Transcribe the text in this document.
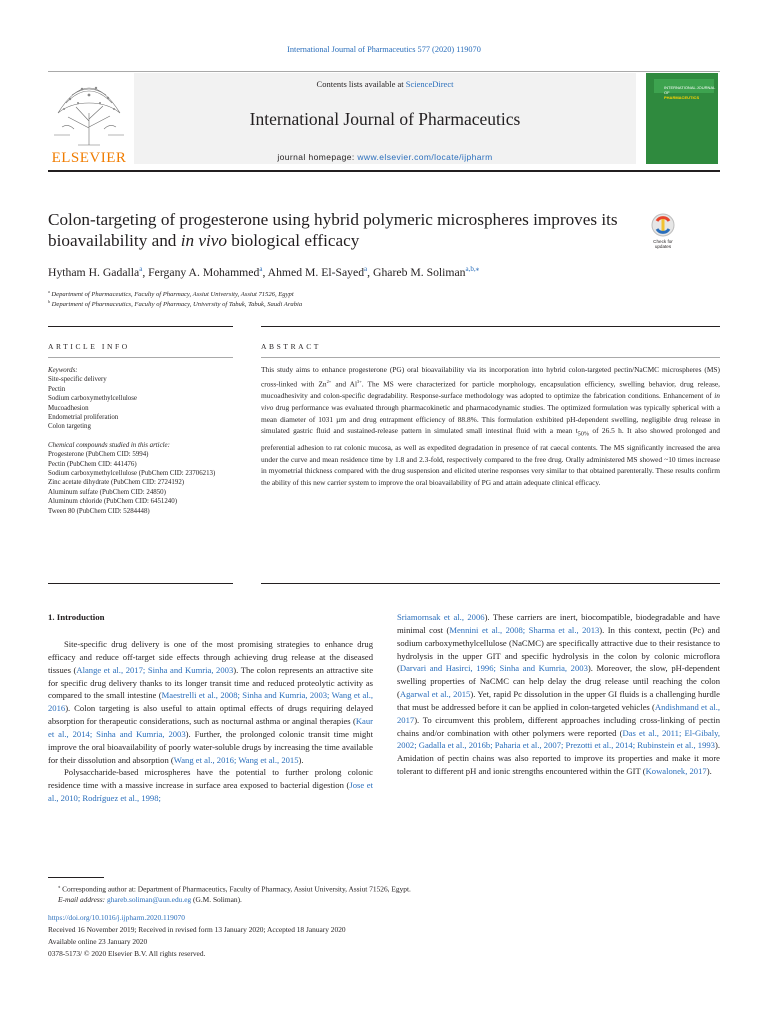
International Journal of Pharmaceutics 577 (2020) 119070
ELSEVIER
Contents lists available at ScienceDirect
International Journal of Pharmaceutics
journal homepage: www.elsevier.com/locate/ijpharm
INTERNATIONAL JOURNAL OF
PHARMACEUTICS
Colon-targeting of progesterone using hybrid polymeric microspheres improves its bioavailability and in vivo biological efficacy	Check for
updates
Hytham H. Gadalla$^a$, Fergany A. Mohammed$^a$, Ahmed M. El-Sayed$^a$, Ghareb M. Soliman$^{a,b,⁎}$
$^a$ Department of Pharmaceutics, Faculty of Pharmacy, Assiut University, Assiut 71526, Egypt
$^b$ Department of Pharmaceutics, Faculty of Pharmacy, University of Tabuk, Tabuk, Saudi Arabia
ARTICLE INFO	ABSTRACT
Keywords:
Site-specific delivery
Pectin
Sodium carboxymethylcellulose
Mucoadhesion
Endometrial proliferation
Colon targeting
Chemical compounds studied in this article:
Progesterone (PubChem CID: 5994)
Pectin (PubChem CID: 441476)
Sodium carboxymethylcellulose (PubChem CID: 23706213)
Zinc acetate dihydrate (PubChem CID: 2724192)
Aluminum sulfate (PubChem CID: 24850)
Aluminum chloride (PubChem CID: 6451240)
Tween 80 (PubChem CID: 5284448)
This study aims to enhance progesterone (PG) oral bioavailability via its incorporation into hybrid colon-targeted pectin/NaCMC microspheres (MS) cross-linked with $Zn^{2+}$ and $Al^{3+}$. The MS were characterized for particle morphology, encapsulation efficiency, swelling behavior, drug release, mucoadhesivity and colon-specific degradability. Response-surface methodology was adopted to optimize the fabrication conditions. Enhancement of in vivo drug performance was evaluated through pharmacokinetic and pharmacodynamic studies. The optimized formulation was typically spherical with a mean diameter of 1031 µm and drug entrapment efficiency of 88.8%. This formulation exhibited pH-dependent swelling, negligible drug release in simulated gastric fluid and sustained-release pattern in simulated small intestinal fluid with a mean $t_{50\%}$ of 26.5 h. It also showed prolonged and preferential adhesion to rat colonic mucosa, as well as expedited degradation in presence of rat caecal contents. The MS significantly increased the area under the curve and mean residence time by 1.8 and 2.3-fold, respectively compared to the free drug. Orally administered MS showed ~10 times increase in myometrial thickness compared with the drug suspension and elicited uterine responses very similar to that obtained parenterally. These results confirm the ability of this new carrier system to improve the oral bioavailability of PG and attain adequate clinical efficacy.
1. Introduction

Site-specific drug delivery is one of the most promising strategies to enhance drug efficacy and reduce off-target side effects through achieving drug release at the diseased tissues (Alange et al., 2017; Sinha and Kumria, 2003). The colon represents an attractive site for specific drug delivery thanks to its longer transit time and reduced proteolytic activity as compared to the small intestine (Maestrelli et al., 2008; Sinha and Kumria, 2003; Wang et al., 2016). Colon targeting is also useful to attain optimal effects of drugs requiring delayed absorption for therapeutic considerations, such as nocturnal asthma or anginal therapies (Kaur et al., 2014; Sinha and Kumria, 2003). Further, the prolonged colonic transit time might improve the oral bioavailability of poorly water-soluble drugs by increasing the time available for their dissolution and absorption (Wang et al., 2016; Wang et al., 2015).

Polysaccharide-based microspheres have the potential to further prolong colonic residence time with a massive increase in surface area exposed to bacterial digestion (Jose et al., 2010; Rodríguez et al., 1998;

Sriamornsak et al., 2006). These carriers are inert, biocompatible, biodegradable and have minimal cost (Mennini et al., 2008; Sharma et al., 2013). In this context, pectin (Pc) and sodium carboxymethylcellulose (NaCMC) are specifically attractive due to their resistance to hydrolysis in the upper GIT and specific hydrolysis in the colon by colonic microflora (Darvari and Hasirci, 1996; Sinha and Kumria, 2003). Moreover, the slow, pH-dependent swelling properties of NaCMC can help delay the drug release until reaching the colon (Agarwal et al., 2015). Yet, rapid Pc dissolution in the upper GI fluids is a challenging hurdle that must be addressed before it can be applied in colon-targeted vehicles (Andishmand et al., 2017). To circumvent this problem, different approaches including cross-linking of pectin chains and/or combination with other polymers were reported (Das et al., 2011; El-Gibaly, 2002; Gadalla et al., 2016b; Paharia et al., 2007; Prezotti et al., 2014; Rubinstein et al., 1993). Amidation of pectin chains was also reported to improve its properties and make it more tolerant to different pH and ionic strengths encountered within the GIT (Kowalonek, 2017).

⁎ Corresponding author at: Department of Pharmaceutics, Faculty of Pharmacy, Assiut University, Assiut 71526, Egypt.
E-mail address: ghareb.soliman@aun.edu.eg (G.M. Soliman).
https://doi.org/10.1016/j.ijpharm.2020.119070
Received 16 November 2019; Received in revised form 13 January 2020; Accepted 18 January 2020
Available online 23 January 2020
0378-5173/ © 2020 Elsevier B.V. All rights reserved.
